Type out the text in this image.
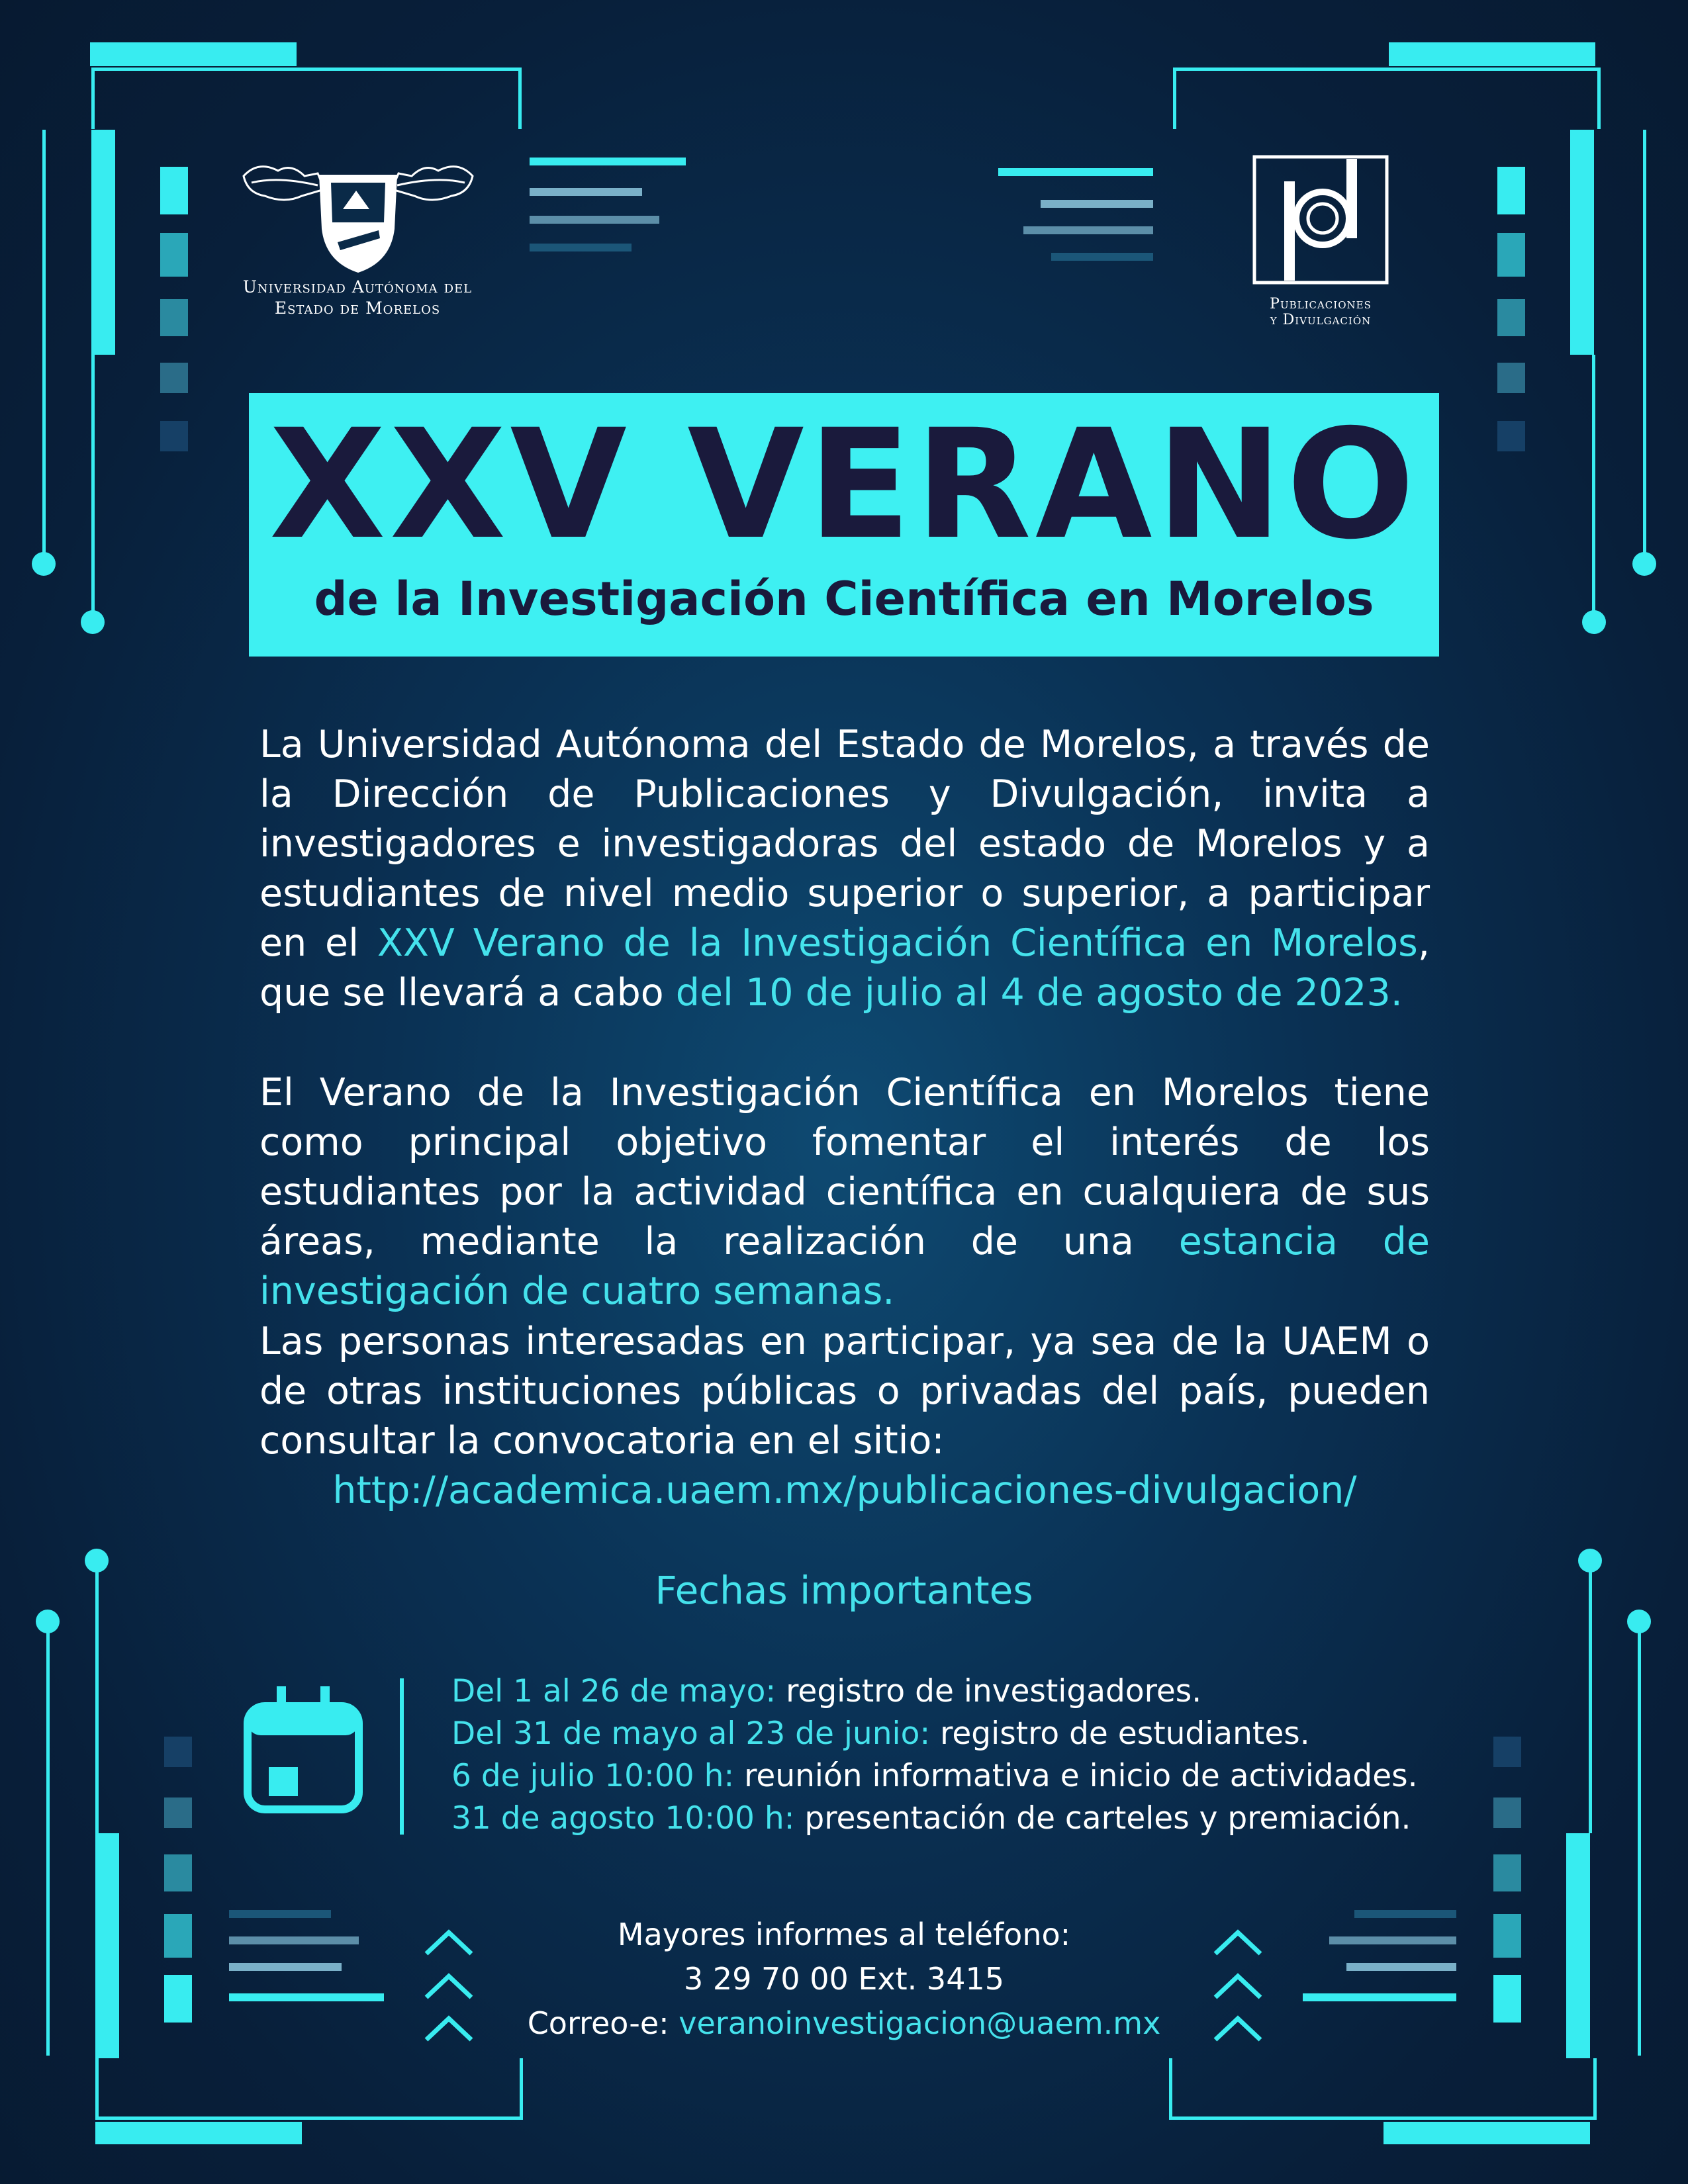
Universidad Autónoma del
Estado de Morelos	Publicaciones
y Divulgación
XXV VERANO
de la Investigación Científica en Morelos
La Universidad Autónoma del Estado de Morelos, a través de la Dirección de Publicaciones y Divulgación, invita a investigadores e investigadoras del estado de Morelos y a estudiantes de nivel medio superior o superior, a participar en el XXV Verano de la Investigación Científica en Morelos, que se llevará a cabo del 10 de julio al 4 de agosto de 2023.
El Verano de la Investigación Científica en Morelos tiene como principal objetivo fomentar el interés de los estudiantes por la actividad científica en cualquiera de sus áreas, mediante la realización de una estancia de investigación de cuatro semanas.
Las personas interesadas en participar, ya sea de la UAEM o de otras instituciones públicas o privadas del país, pueden consultar la convocatoria en el sitio:
http://academica.uaem.mx/publicaciones-divulgacion/
Fechas importantes
Del 1 al 26 de mayo: registro de investigadores.
Del 31 de mayo al 23 de junio: registro de estudiantes.
6 de julio 10:00 h: reunión informativa e inicio de actividades.
31 de agosto 10:00 h: presentación de carteles y premiación.
Mayores informes al teléfono:
3 29 70 00 Ext. 3415
Correo-e: veranoinvestigacion@uaem.mx
